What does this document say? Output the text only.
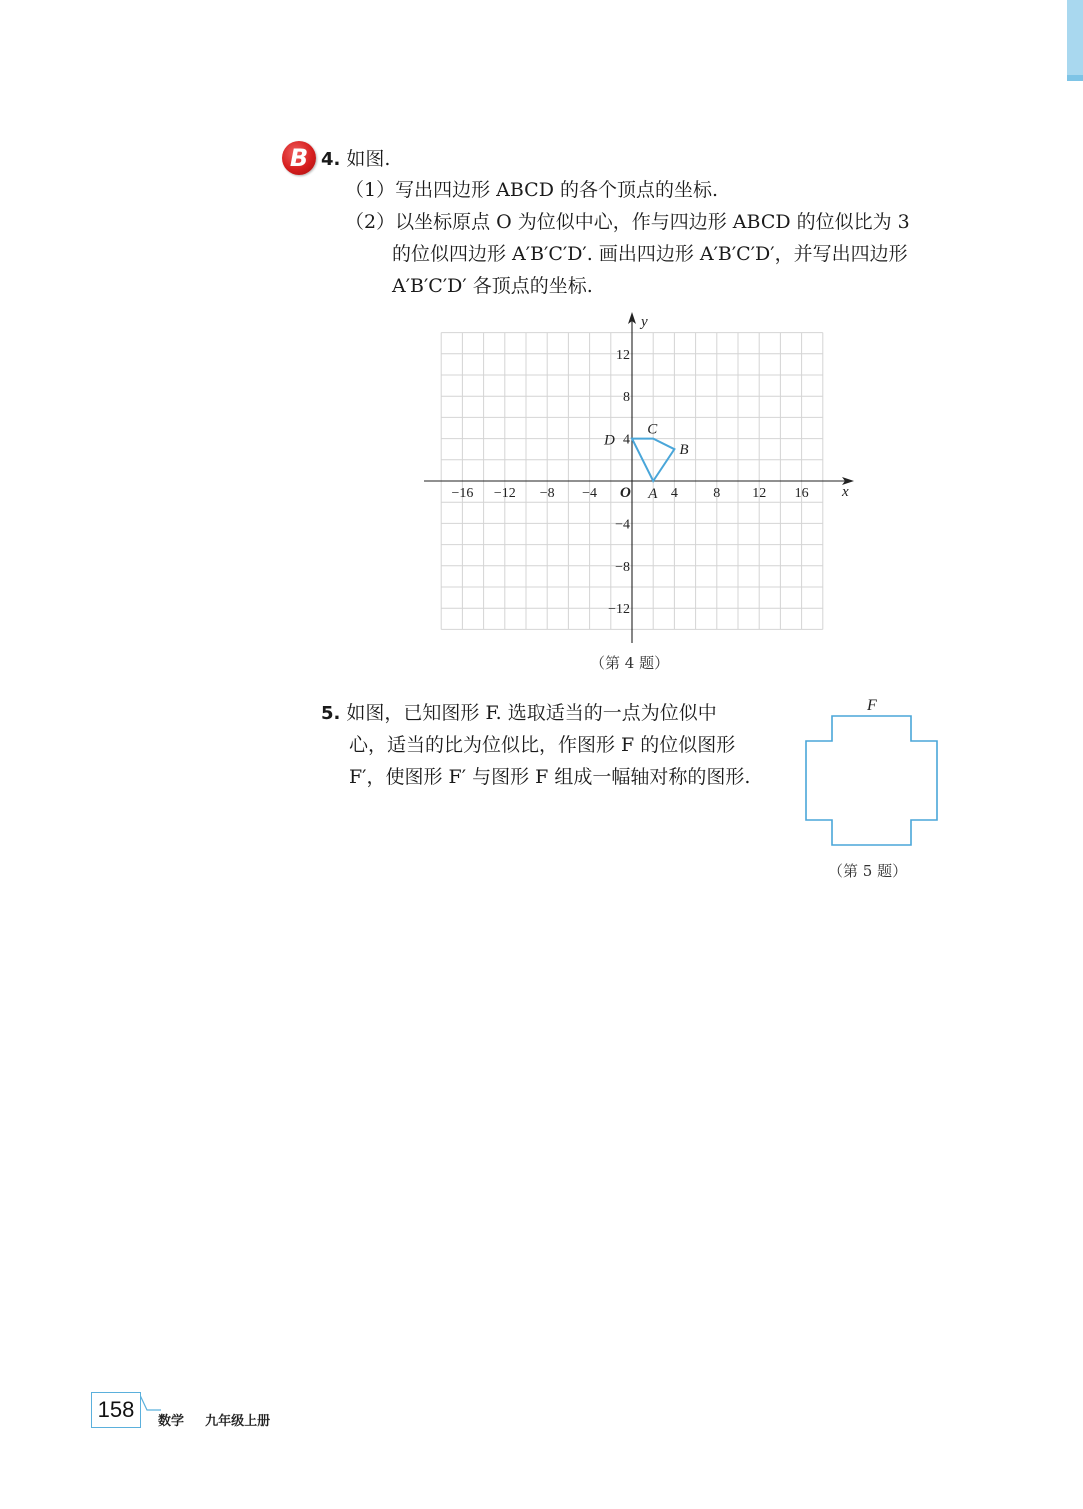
B 4. 如图.
（1）写出四边形 ABCD 的各个顶点的坐标.
（2）以坐标原点 O 为位似中心，作与四边形 ABCD 的位似比为 3
的位似四边形 A′B′C′D′. 画出四边形 A′B′C′D′，并写出四边形
A′B′C′D′ 各顶点的坐标.
x
y
O
−16 −12 −8 −4	4	8 12 16
12
8
4
−4
−8
−12
A
B
C
D
（第 4 题）
5. 如图，已知图形 F. 选取适当的一点为位似中
心，适当的比为位似比，作图形 F 的位似图形
F′，使图形 F′ 与图形 F 组成一幅轴对称的图形.
F
（第 5 题）
158	数学 九年级上册
